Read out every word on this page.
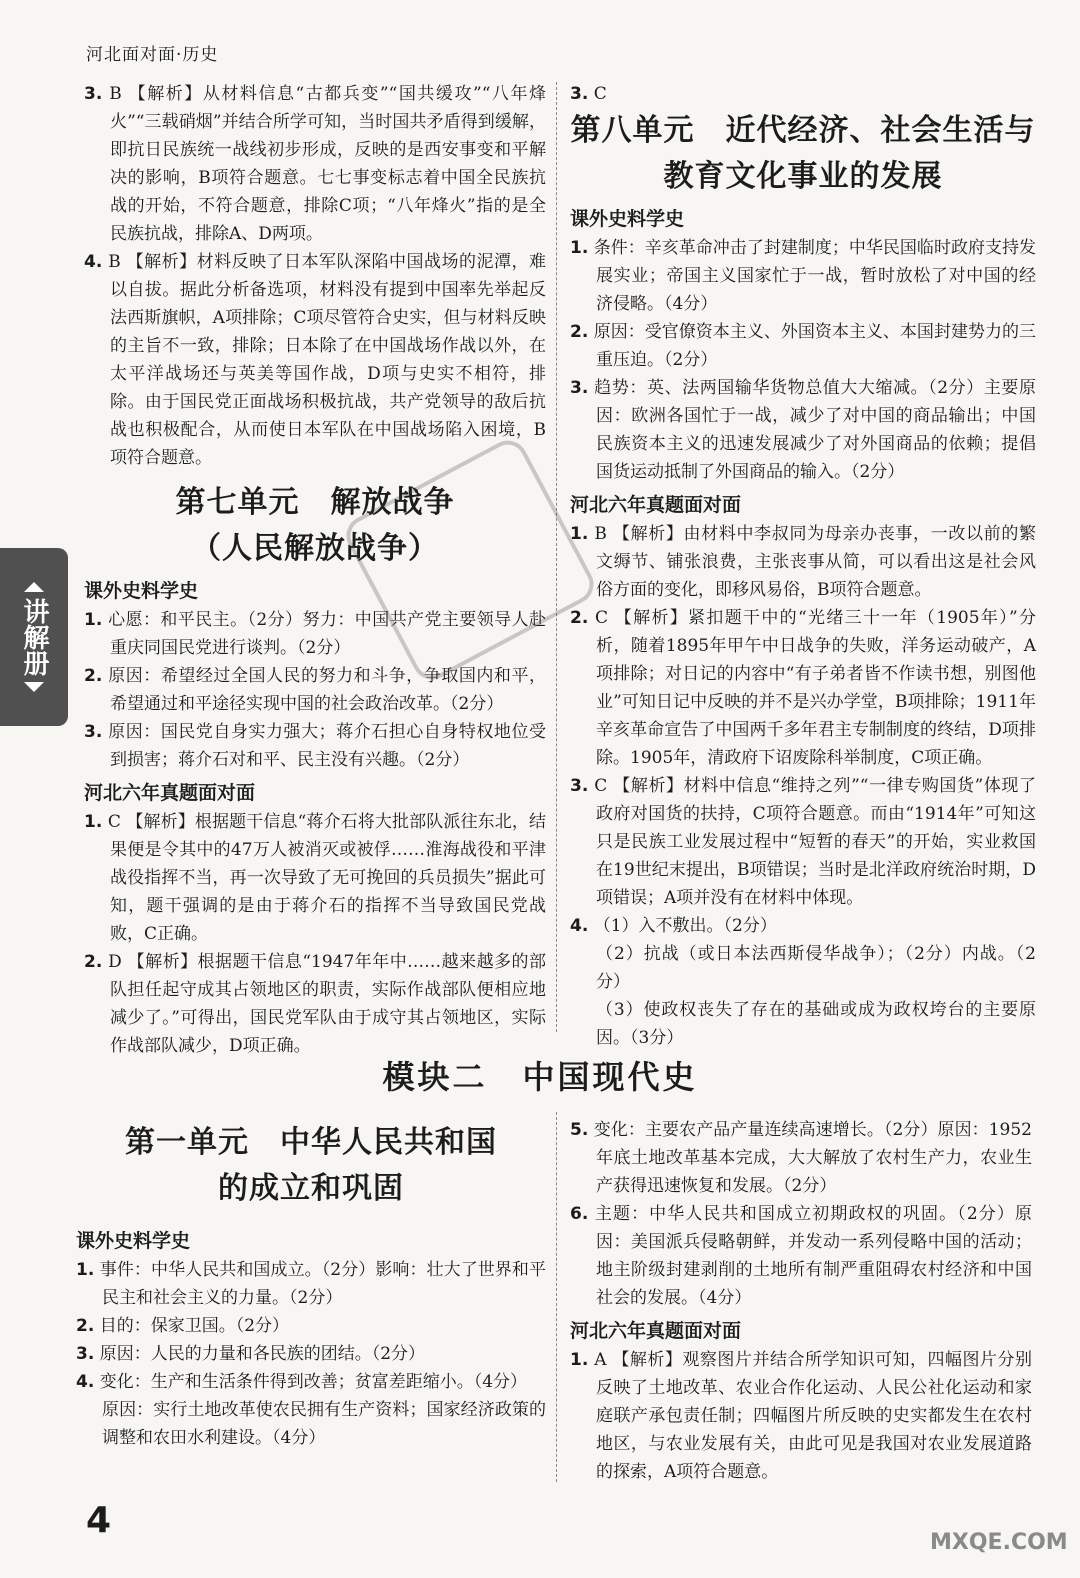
河北面对面·历史
讲解册
3. B 【解析】从材料信息“古都兵变”“国共缓攻”“八年烽火”“三载硝烟”并结合所学可知，当时国共矛盾得到缓解，即抗日民族统一战线初步形成，反映的是西安事变和平解决的影响，B项符合题意。七七事变标志着中国全民族抗战的开始，不符合题意，排除C项；“八年烽火”指的是全民族抗战，排除A、D两项。
4. B 【解析】材料反映了日本军队深陷中国战场的泥潭，难以自拔。据此分析备选项，材料没有提到中国率先举起反法西斯旗帜，A项排除；C项尽管符合史实，但与材料反映的主旨不一致，排除；日本除了在中国战场作战以外，在太平洋战场还与英美等国作战，D项与史实不相符，排除。由于国民党正面战场积极抗战，共产党领导的敌后抗战也积极配合，从而使日本军队在中国战场陷入困境，B项符合题意。
第七单元　解放战争
（人民解放战争）
课外史料学史
1. 心愿：和平民主。（2分）努力：中国共产党主要领导人赴重庆同国民党进行谈判。（2分）
2. 原因：希望经过全国人民的努力和斗争，争取国内和平，希望通过和平途径实现中国的社会政治改革。（2分）
3. 原因：国民党自身实力强大；蒋介石担心自身特权地位受到损害；蒋介石对和平、民主没有兴趣。（2分）
河北六年真题面对面
1. C 【解析】根据题干信息“蒋介石将大批部队派往东北，结果便是令其中的47万人被消灭或被俘……淮海战役和平津战役指挥不当，再一次导致了无可挽回的兵员损失”据此可知，题干强调的是由于蒋介石的指挥不当导致国民党战败，C正确。
2. D 【解析】根据题干信息“1947年年中……越来越多的部队担任起守成其占领地区的职责，实际作战部队便相应地减少了。”可得出，国民党军队由于成守其占领地区，实际作战部队减少，D项正确。
3. C
第八单元　近代经济、社会生活与
教育文化事业的发展
课外史料学史
1. 条件：辛亥革命冲击了封建制度；中华民国临时政府支持发展实业；帝国主义国家忙于一战，暂时放松了对中国的经济侵略。（4分）
2. 原因：受官僚资本主义、外国资本主义、本国封建势力的三重压迫。（2分）
3. 趋势：英、法两国输华货物总值大大缩减。（2分）主要原因：欧洲各国忙于一战，减少了对中国的商品输出；中国民族资本主义的迅速发展减少了对外国商品的依赖；提倡国货运动抵制了外国商品的输入。（2分）
河北六年真题面对面
1. B 【解析】由材料中李叔同为母亲办丧事，一改以前的繁文缛节、铺张浪费，主张丧事从简，可以看出这是社会风俗方面的变化，即移风易俗，B项符合题意。
2. C 【解析】紧扣题干中的“光绪三十一年（1905年）”分析，随着1895年甲午中日战争的失败，洋务运动破产，A项排除；对日记的内容中“有子弟者皆不作读书想，别图他业”可知日记中反映的并不是兴办学堂，B项排除；1911年辛亥革命宣告了中国两千多年君主专制制度的终结，D项排除。1905年，清政府下诏废除科举制度，C项正确。
3. C 【解析】材料中信息“维持之列”“一律专购国货”体现了政府对国货的扶持，C项符合题意。而由“1914年”可知这只是民族工业发展过程中“短暂的春天”的开始，实业救国在19世纪末提出，B项错误；当时是北洋政府统治时期，D项错误；A项并没有在材料中体现。
4. （1）入不敷出。（2分）
（2）抗战（或日本法西斯侵华战争）；（2分）内战。（2分）
（3）使政权丧失了存在的基础或成为政权垮台的主要原因。（3分）
模块二　中国现代史
第一单元　中华人民共和国
的成立和巩固
课外史料学史
1. 事件：中华人民共和国成立。（2分）影响：壮大了世界和平民主和社会主义的力量。（2分）
2. 目的：保家卫国。（2分）
3. 原因：人民的力量和各民族的团结。（2分）
4. 变化：生产和生活条件得到改善；贫富差距缩小。（4分）
原因：实行土地改革使农民拥有生产资料；国家经济政策的调整和农田水利建设。（4分）
5. 变化：主要农产品产量连续高速增长。（2分）原因：1952年底土地改革基本完成，大大解放了农村生产力，农业生产获得迅速恢复和发展。（2分）
6. 主题：中华人民共和国成立初期政权的巩固。（2分）原因：美国派兵侵略朝鲜，并发动一系列侵略中国的活动；地主阶级封建剥削的土地所有制严重阻碍农村经济和中国社会的发展。（4分）
河北六年真题面对面
1. A 【解析】观察图片并结合所学知识可知，四幅图片分别反映了土地改革、农业合作化运动、人民公社化运动和家庭联产承包责任制；四幅图片所反映的史实都发生在农村地区，与农业发展有关，由此可见是我国对农业发展道路的探索，A项符合题意。
4
MXQE.COM
